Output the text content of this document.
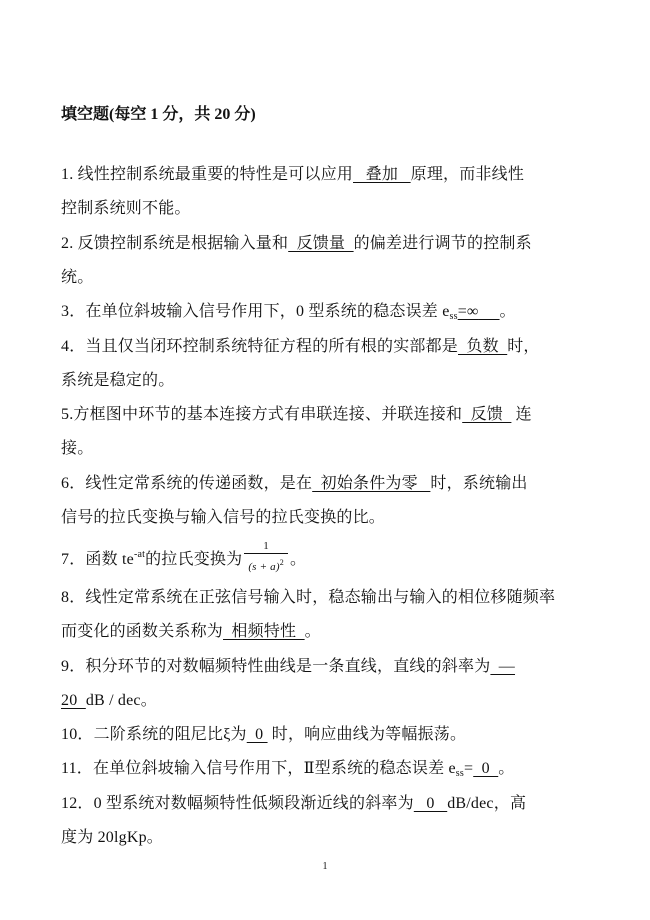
填空题(每空 1 分，共 20 分)
1. 线性控制系统最重要的特性是可以应用   叠加   原理，而非线性
控制系统则不能。
2. 反馈控制系统是根据输入量和  反馈量  的偏差进行调节的控制系
统。
3．在单位斜坡输入信号作用下，0 型系统的稳态误差 $e_{ss}=\infty$ 。
4．当且仅当闭环控制系统特征方程的所有根的实部都是  负数  时，
系统是稳定的。
5.方框图中环节的基本连接方式有串联连接、并联连接和  反馈   连
接。
6．线性定常系统的传递函数，是在  初始条件为零   时，系统输出
信号的拉氏变换与输入信号的拉氏变换的比。
7．函数 $te^{-at}$的拉氏变换为 $\frac{1}{(s + a)^2}$ 。
8．线性定常系统在正弦信号输入时，稳态输出与输入的相位移随频率
而变化的函数关系称为  相频特性  。
9．积分环节的对数幅频特性曲线是一条直线，直线的斜率为  —
20  dB / dec。
10．二阶系统的阻尼比ξ为  0  时，响应曲线为等幅振荡。
11．在单位斜坡输入信号作用下，Ⅱ型系统的稳态误差 $e_{ss}= 0$  。
12．0 型系统对数幅频特性低频段渐近线的斜率为   0   dB/dec，高
度为 20lgKp。
1
